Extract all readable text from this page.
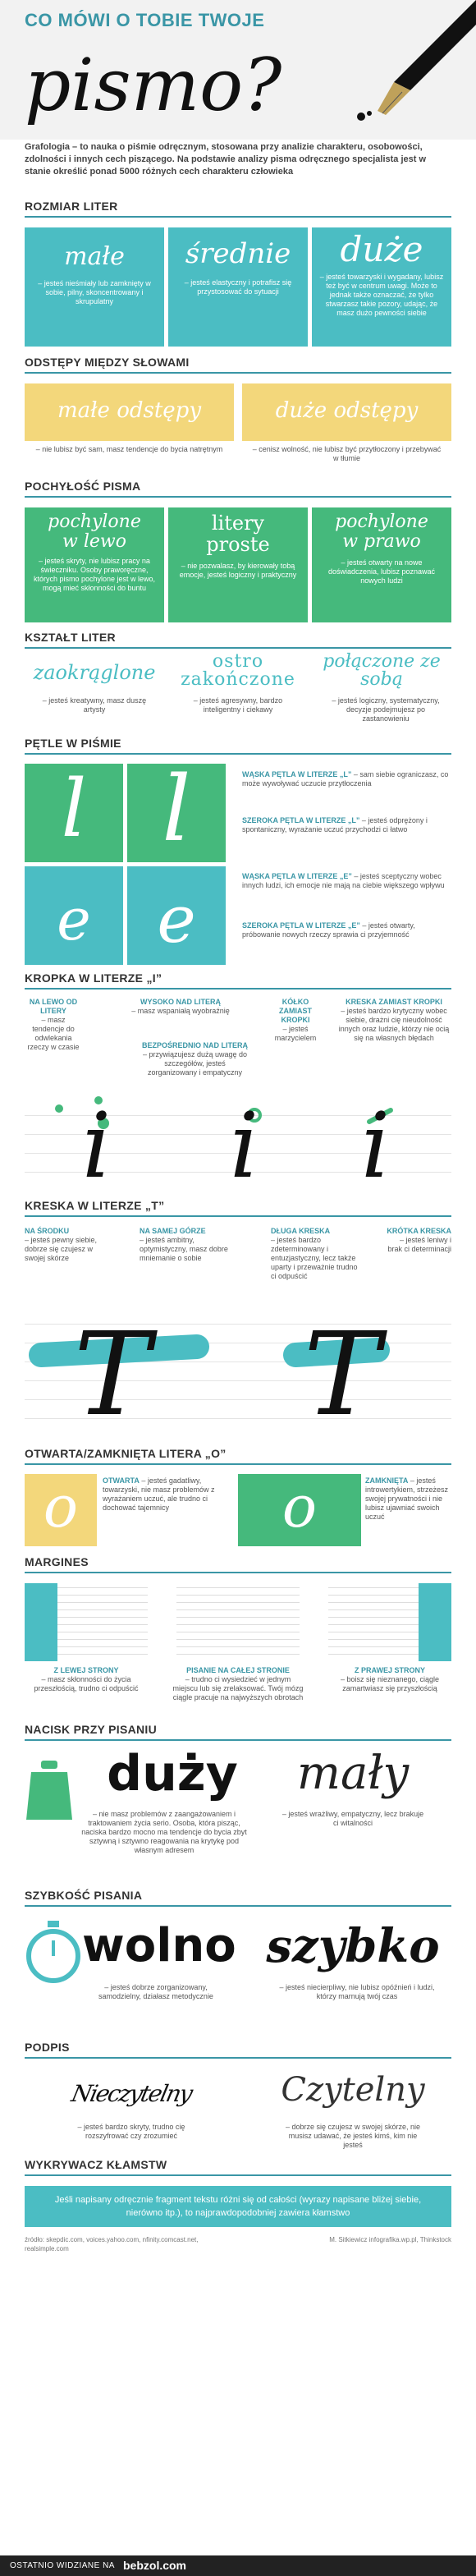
CO MÓWI O TOBIE TWOJE
pismo?
Grafologia – to nauka o piśmie odręcznym, stosowana przy analizie charakteru, osobowości, zdolności i innych cech piszącego. Na podstawie analizy pisma odręcznego specjalista jest w stanie określić ponad 5000 różnych cech charakteru człowieka
ROZMIAR LITER
małe
– jesteś nieśmiały lub zamknięty w sobie, pilny, skoncentrowany i skrupulatny
średnie
– jesteś elastyczny i potrafisz się przystosować do sytuacji
duże
– jesteś towarzyski i wygadany, lubisz też być w centrum uwagi. Może to jednak także oznaczać, że tylko stwarzasz takie pozory, udając, że masz dużo pewności siebie
ODSTĘPY MIĘDZY SŁOWAMI
małe odstępy
– nie lubisz być sam, masz tendencje do bycia natrętnym
duże odstępy
– cenisz wolność, nie lubisz być przytłoczony i przebywać w tłumie
POCHYŁOŚĆ PISMA
pochylone w lewo
– jesteś skryty, nie lubisz pracy na świeczniku. Osoby praworęczne, których pismo pochylone jest w lewo, mogą mieć skłonności do buntu
litery proste
– nie pozwalasz, by kierowały tobą emocje, jesteś logiczny i praktyczny
pochylone w prawo
– jesteś otwarty na nowe doświadczenia, lubisz poznawać nowych ludzi
KSZTAŁT LITER
zaokrąglone
– jesteś kreatywny, masz duszę artysty
ostro zakończone
– jesteś agresywny, bardzo inteligentny i ciekawy
połączone ze sobą
– jesteś logiczny, systematyczny, decyzje podejmujesz po zastanowieniu
PĘTLE W PIŚMIE
l l
e	e
WĄSKA PĘTLA W LITERZE „L” – sam siebie ograniczasz, co może wywoływać uczucie przytłoczenia
SZEROKA PĘTLA W LITERZE „L” – jesteś odprężony i spontaniczny, wyrażanie uczuć przychodzi ci łatwo
WĄSKA PĘTLA W LITERZE „E” – jesteś sceptyczny wobec innych ludzi, ich emocje nie mają na ciebie większego wpływu
SZEROKA PĘTLA W LITERZE „E” – jesteś otwarty, próbowanie nowych rzeczy sprawia ci przyjemność
KROPKA W LITERZE „I”
NA LEWO OD LITERY
– masz tendencje do odwlekania rzeczy w czasie
WYSOKO NAD LITERĄ
– masz wspaniałą wyobraźnię
BEZPOŚREDNIO NAD LITERĄ
– przywiązujesz dużą uwagę do szczegółów, jesteś zorganizowany i empatyczny
KÓŁKO ZAMIAST KROPKI
– jesteś marzycielem
KRESKA ZAMIAST KROPKI
– jesteś bardzo krytyczny wobec siebie, drażni cię nieudolność innych oraz ludzie, którzy nie ocią się na własnych błędach
i i i
KRESKA W LITERZE „T”
NA ŚRODKU
– jesteś pewny siebie, dobrze się czujesz w swojej skórze
NA SAMEJ GÓRZE
– jesteś ambitny, optymistyczny, masz dobre mniemanie o sobie
DŁUGA KRESKA
– jesteś bardzo zdeterminowany i entuzjastyczny, lecz także uparty i przeważnie trudno ci odpuścić
KRÓTKA KRESKA
– jesteś leniwy i brak ci determinacji
T T
OTWARTA/ZAMKNIĘTA LITERA „O”
o	OTWARTA – jesteś gadatliwy, towarzyski, nie masz problemów z wyrażaniem uczuć, ale trudno ci dochować tajemnicy	o	ZAMKNIĘTA – jesteś introwertykiem, strzeżesz swojej prywatności i nie lubisz ujawniać swoich uczuć
MARGINES
Z LEWEJ STRONY
– masz skłonności do życia przeszłością, trudno ci odpuścić
PISANIE NA CAŁEJ STRONIE
– trudno ci wysiedzieć w jednym miejscu lub się zrelaksować. Twój mózg ciągle pracuje na najwyższych obrotach
Z PRAWEJ STRONY
– boisz się nieznanego, ciągle zamartwiasz się przyszłością
NACISK PRZY PISANIU
duży
– nie masz problemów z zaangażowaniem i traktowaniem życia serio. Osoba, która pisząc, naciska bardzo mocno ma tendencje do bycia zbyt sztywną i sztywno reagowania na krytykę pod własnym adresem
mały
– jesteś wrażliwy, empatyczny, lecz brakuje ci witalności
SZYBKOŚĆ PISANIA
wolno
– jesteś dobrze zorganizowany, samodzielny, działasz metodycznie
szybko
– jesteś niecierpliwy, nie lubisz opóźnień i ludzi, którzy marnują twój czas
PODPIS
Nieczytelny
– jesteś bardzo skryty, trudno cię rozszyfrować czy zrozumieć
Czytelny
– dobrze się czujesz w swojej skórze, nie musisz udawać, że jesteś kimś, kim nie jesteś
WYKRYWACZ KŁAMSTW
Jeśli napisany odręcznie fragment tekstu różni się od całości (wyrazy napisane bliżej siebie, nierówno itp.), to najprawdopodobniej zawiera kłamstwo
źródło: skepdic.com, voices.yahoo.com, nfinity.comcast.net, realsimple.com
M. Sitkiewicz infografika.wp.pl, Thinkstock
OSTATNIO WIDZIANE NA bebzol.com
